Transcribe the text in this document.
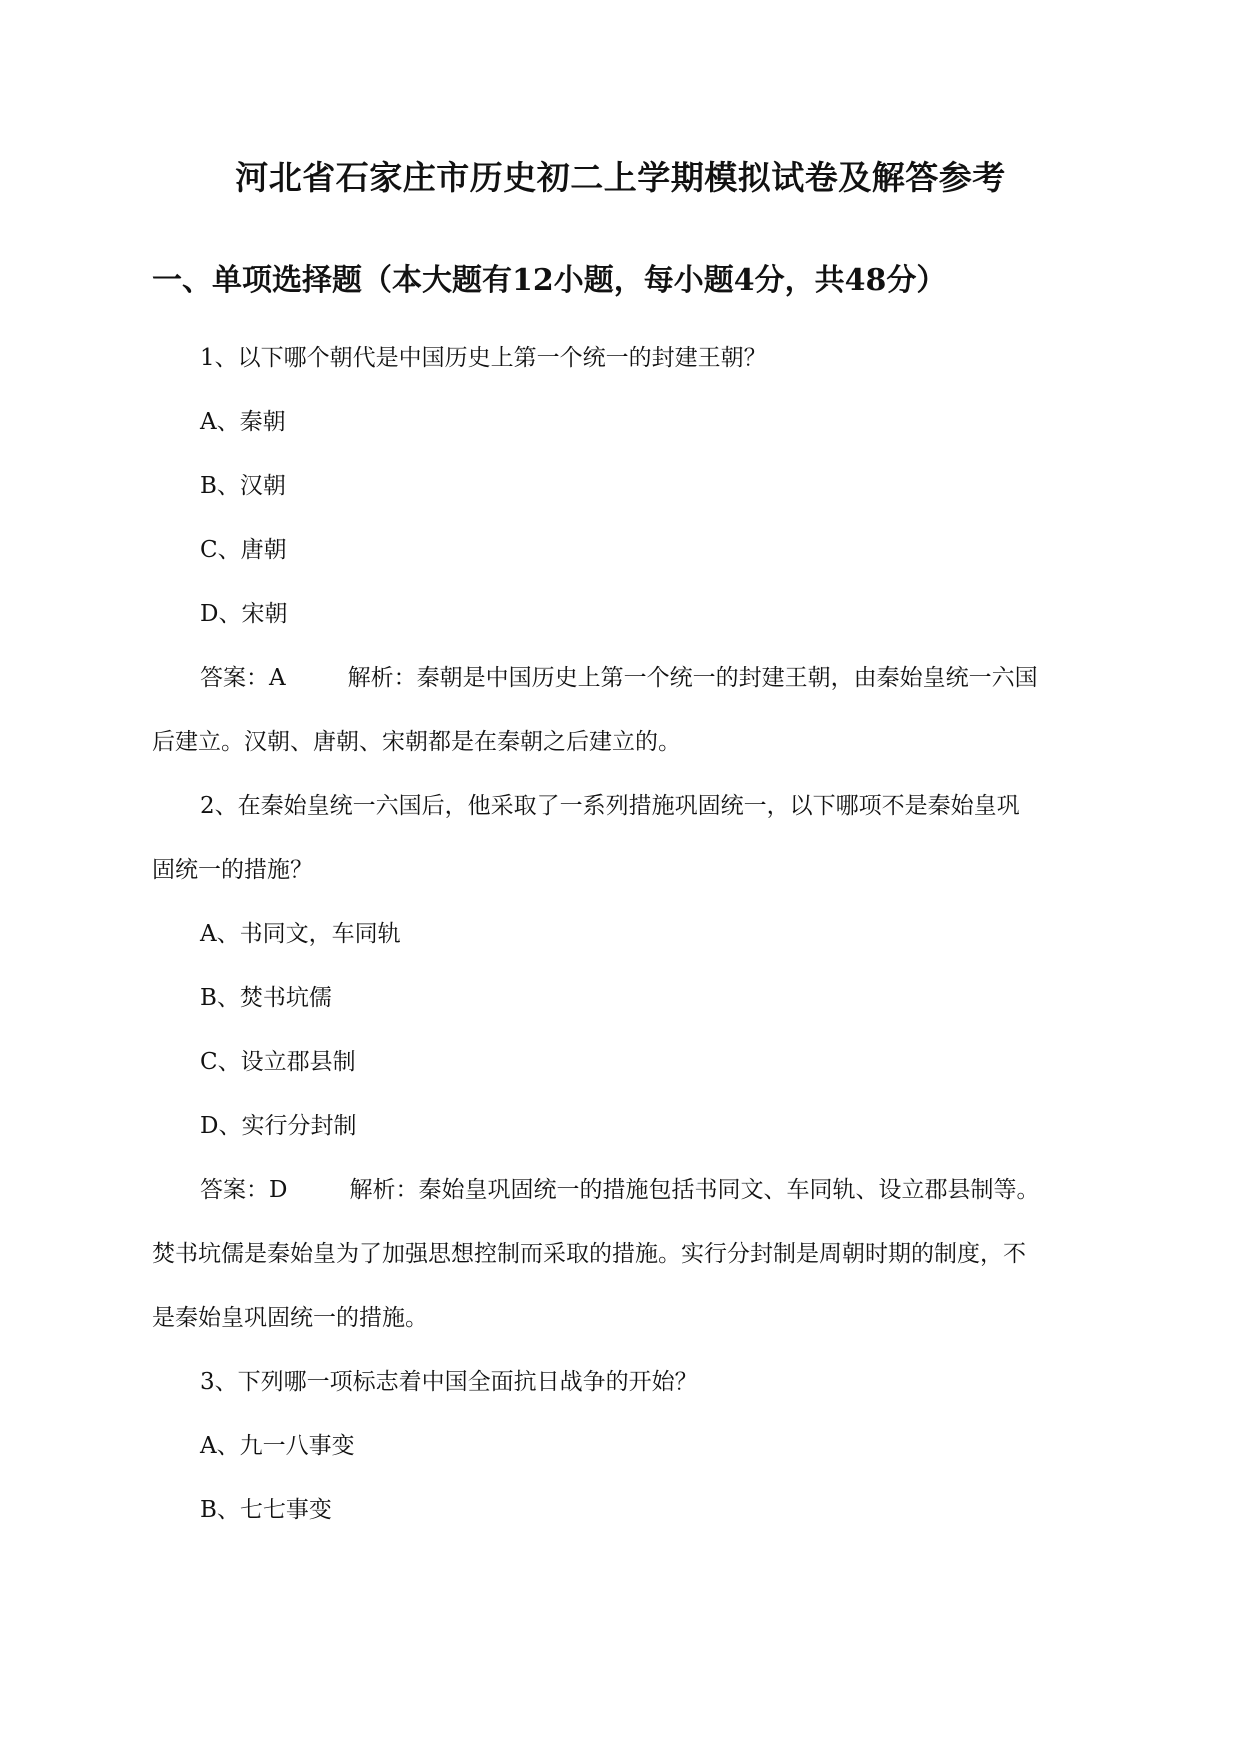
河北省石家庄市历史初二上学期模拟试卷及解答参考
一、单项选择题（本大题有12小题，每小题4分，共48分）
1、以下哪个朝代是中国历史上第一个统一的封建王朝？
A、秦朝
B、汉朝
C、唐朝
D、宋朝
答案：A	解析：秦朝是中国历史上第一个统一的封建王朝，由秦始皇统一六国
后建立。汉朝、唐朝、宋朝都是在秦朝之后建立的。
2、在秦始皇统一六国后，他采取了一系列措施巩固统一，以下哪项不是秦始皇巩
固统一的措施？
A、书同文，车同轨
B、焚书坑儒
C、设立郡县制
D、实行分封制
答案：D	解析：秦始皇巩固统一的措施包括书同文、车同轨、设立郡县制等。
焚书坑儒是秦始皇为了加强思想控制而采取的措施。实行分封制是周朝时期的制度，不
是秦始皇巩固统一的措施。
3、下列哪一项标志着中国全面抗日战争的开始？
A、九一八事变
B、七七事变
